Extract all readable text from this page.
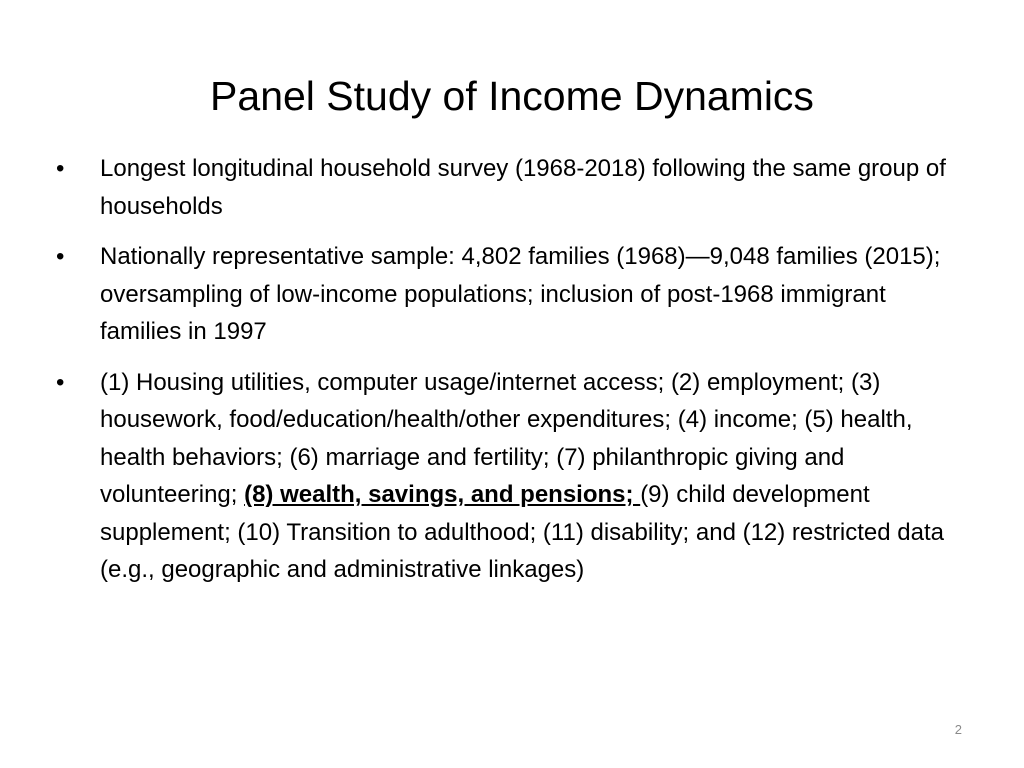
Panel Study of Income Dynamics
•	Longest longitudinal household survey (1968-2018) following the same group of households
•	Nationally representative sample: 4,802 families (1968)—9,048 families (2015); oversampling of low-income populations; inclusion of post-1968 immigrant families in 1997
•	(1) Housing utilities, computer usage/internet access; (2) employment; (3) housework, food/education/health/other expenditures; (4) income; (5) health, health behaviors; (6) marriage and fertility; (7) philanthropic giving and volunteering; (8) wealth, savings, and pensions; (9) child development supplement; (10) Transition to adulthood; (11) disability; and (12) restricted data (e.g., geographic and administrative linkages)
2
